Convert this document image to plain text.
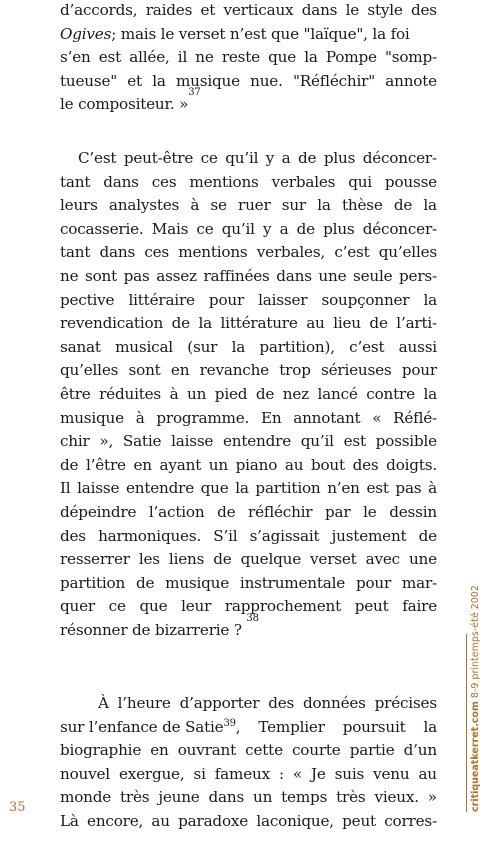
d’accords, raides et verticaux dans le style des
Ogives; mais le verset n’est que "laïque", la foi
s’en est allée, il ne reste que la Pompe "somp-
tueuse" et la musique nue. "Réfléchir" annote
le compositeur. »
37
C’est peut-être ce qu’il y a de plus déconcer-
tant dans ces mentions verbales qui pousse
leurs analystes à se ruer sur la thèse de la
cocasserie. Mais ce qu’il y a de plus déconcer-
tant dans ces mentions verbales, c’est qu’elles
ne sont pas assez raffinées dans une seule pers-
pective littéraire pour laisser soupçonner la
revendication de la littérature au lieu de l’arti-
sanat musical (sur la partition), c’est aussi
qu’elles sont en revanche trop sérieuses pour
être réduites à un pied de nez lancé contre la
musique à programme. En annotant « Réflé-
chir », Satie laisse entendre qu’il est possible
de l’être en ayant un piano au bout des doigts.
Il laisse entendre que la partition n’en est pas à
dépeindre l’action de réfléchir par le dessin
des harmoniques. S’il s’agissait justement de
resserrer les liens de quelque verset avec une
partition de musique instrumentale pour mar-
quer ce que leur rapprochement peut faire
résonner de bizarrerie ?

38
À l’heure d’apporter des données précises
sur l’enfance de Satie$^{39}$, Templier poursuit la
biographie en ouvrant cette courte partie d’un
nouvel exergue, si fameux : « Je suis venu au
monde très jeune dans un temps très vieux. »
Là encore, au paradoxe laconique, peut corres-
35	critiqueatkerret.com 8-9 printemps-été 2002
